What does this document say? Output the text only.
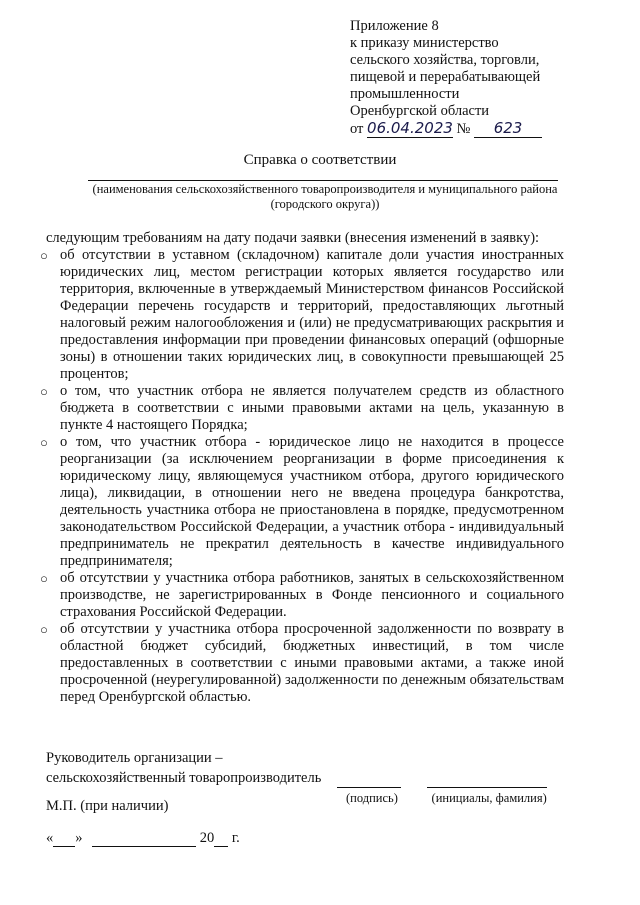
Приложение 8
к приказу министерство
сельского хозяйства, торговли,
пищевой и перерабатывающей
промышленности
Оренбургской области
от 06.04.2023 № 623
Справка о соответствии
(наименования сельскохозяйственного товаропроизводителя и муниципального района (городского округа))

следующим требованиям на дату подачи заявки (внесения изменений в заявку):

○ об отсутствии в уставном (складочном) капитале доли участия иностранных юридических лиц, местом регистрации которых является государство или территория, включенные в утверждаемый Министерством финансов Российской Федерации перечень государств и территорий, предоставляющих льготный налоговый режим налогообложения и (или) не предусматривающих раскрытия и предоставления информации при проведении финансовых операций (офшорные зоны) в отношении таких юридических лиц, в совокупности превышающей 25 процентов;
○ о том, что участник отбора не является получателем средств из областного бюджета в соответствии с иными правовыми актами на цель, указанную в пункте 4 настоящего Порядка;
○ о том, что участник отбора - юридическое лицо не находится в процессе реорганизации (за исключением реорганизации в форме присоединения к юридическому лицу, являющемуся участником отбора, другого юридического лица), ликвидации, в отношении него не введена процедура банкротства, деятельность участника отбора не приостановлена в порядке, предусмотренном законодательством Российской Федерации, а участник отбора - индивидуальный предприниматель не прекратил деятельность в качестве индивидуального предпринимателя;
○ об отсутствии у участника отбора работников, занятых в сельскохозяйственном производстве, не зарегистрированных в Фонде пенсионного и социального страхования Российской Федерации.
○ об отсутствии у участника отбора просроченной задолженности по возврату в областной бюджет субсидий, бюджетных инвестиций, в том числе предоставленных в соответствии с иными правовыми актами, а также иной просроченной (неурегулированной) задолженности по денежным обязательствам перед Оренбургской областью.
Руководитель организации –
сельскохозяйственный товаропроизводитель
(подпись)	(инициалы, фамилия)
М.П. (при наличии)
« »	20 г.
